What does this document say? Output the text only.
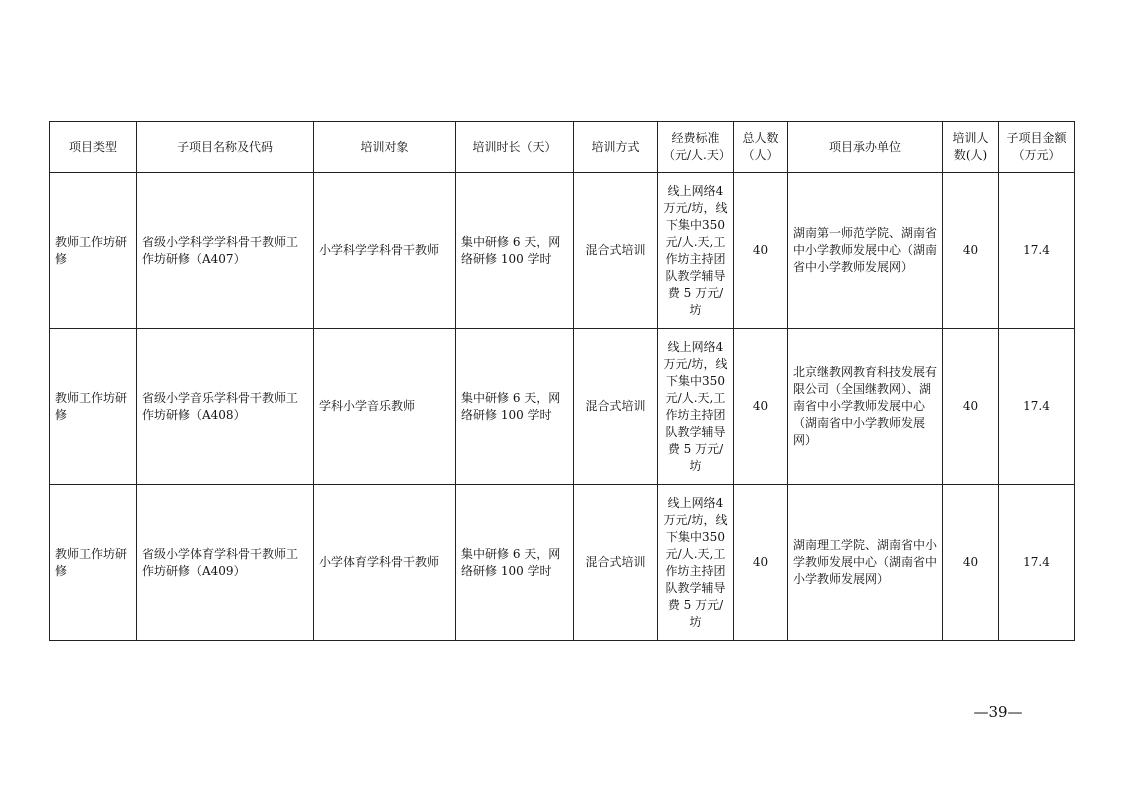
项目类型	子项目名称及代码	培训对象	培训时长（天）	培训方式	经费标准（元/人.天）	总人数（人）	项目承办单位	培训人数(人)	子项目金额（万元）
教师工作坊研修	省级小学科学学科骨干教师工作坊研修（A407）	小学科学学科骨干教师	集中研修 6 天，网络研修 100 学时	混合式培训	线上网络4万元/坊，线下集中350元/人.天,工作坊主持团队教学辅导费 5 万元/坊	40	湖南第一师范学院、湖南省中小学教师发展中心（湖南省中小学教师发展网）	40	17.4
教师工作坊研修	省级小学音乐学科骨干教师工作坊研修（A408）	学科小学音乐教师	集中研修 6 天，网络研修 100 学时	混合式培训	线上网络4万元/坊，线下集中350元/人.天,工作坊主持团队教学辅导费 5 万元/坊	40	北京继教网教育科技发展有限公司（全国继教网）、湖南省中小学教师发展中心（湖南省中小学教师发展网）	40	17.4
教师工作坊研修	省级小学体育学科骨干教师工作坊研修（A409）	小学体育学科骨干教师	集中研修 6 天，网络研修 100 学时	混合式培训	线上网络4万元/坊，线下集中350元/人.天,工作坊主持团队教学辅导费 5 万元/坊	40	湖南理工学院、湖南省中小学教师发展中心（湖南省中小学教师发展网）	40	17.4
—39—
